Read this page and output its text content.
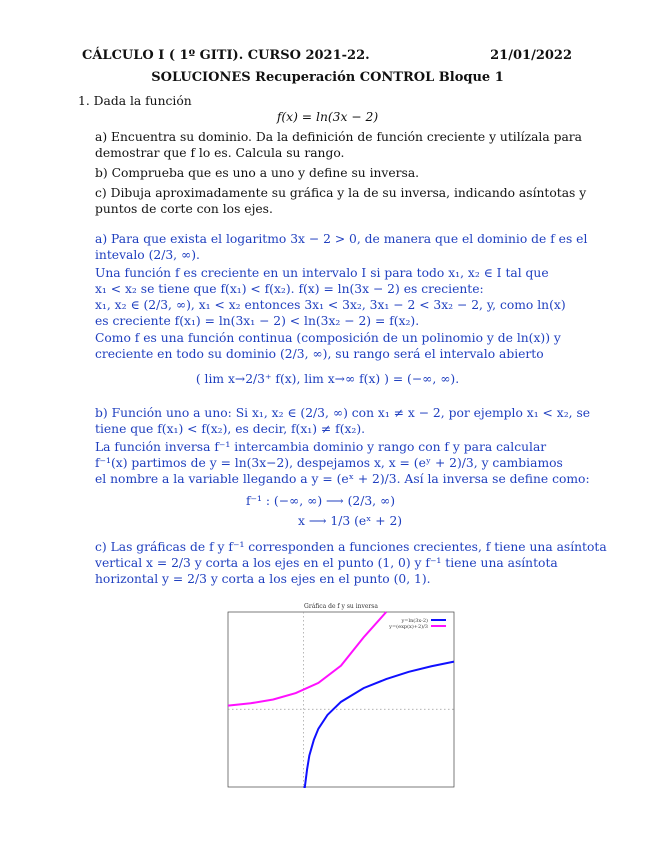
CÁLCULO I ( 1º GITI). CURSO 2021-22.	21/01/2022
SOLUCIONES Recuperación CONTROL Bloque 1
1. Dada la función
f(x) = ln(3x − 2)
a) Encuentra su dominio. Da la definición de función creciente y utilízala para
demostrar que f lo es. Calcula su rango.
b) Comprueba que es uno a uno y define su inversa.
c) Dibuja aproximadamente su gráfica y la de su inversa, indicando asíntotas y
puntos de corte con los ejes.
a) Para que exista el logaritmo 3x − 2 > 0, de manera que el dominio de f es el
intevalo (2/3, ∞).
Una función f es creciente en un intervalo I si para todo x₁, x₂ ∈ I tal que
x₁ < x₂ se tiene que f(x₁) < f(x₂). f(x) = ln(3x − 2) es creciente:
x₁, x₂ ∈ (2/3, ∞), x₁ < x₂ entonces 3x₁ < 3x₂, 3x₁ − 2 < 3x₂ − 2, y, como ln(x)
es creciente f(x₁) = ln(3x₁ − 2) < ln(3x₂ − 2) = f(x₂).
Como f es una función continua (composición de un polinomio y de ln(x)) y
creciente en todo su dominio (2/3, ∞), su rango será el intervalo abierto
( lim x→2/3⁺ f(x), lim x→∞ f(x) ) = (−∞, ∞).
b) Función uno a uno: Si x₁, x₂ ∈ (2/3, ∞) con x₁ ≠ x − 2, por ejemplo x₁ < x₂, se
tiene que f(x₁) < f(x₂), es decir, f(x₁) ≠ f(x₂).
La función inversa f⁻¹ intercambia dominio y rango con f y para calcular
f⁻¹(x) partimos de y = ln(3x−2), despejamos x, x = (eʸ + 2)/3, y cambiamos
el nombre a la variable llegando a y = (eˣ + 2)/3. Así la inversa se define como:
f⁻¹ : (−∞, ∞) ⟶ (2/3, ∞)
x ⟶ 1/3 (eˣ + 2)
c) Las gráficas de f y f⁻¹ corresponden a funciones crecientes, f tiene una asíntota
vertical x = 2/3 y corta a los ejes en el punto (1, 0) y f⁻¹ tiene una asíntota
horizontal y = 2/3 y corta a los ejes en el punto (0, 1).
Gráfica de f y su inversa
y=ln(3x-2)
y=(exp(x)+2)/3
